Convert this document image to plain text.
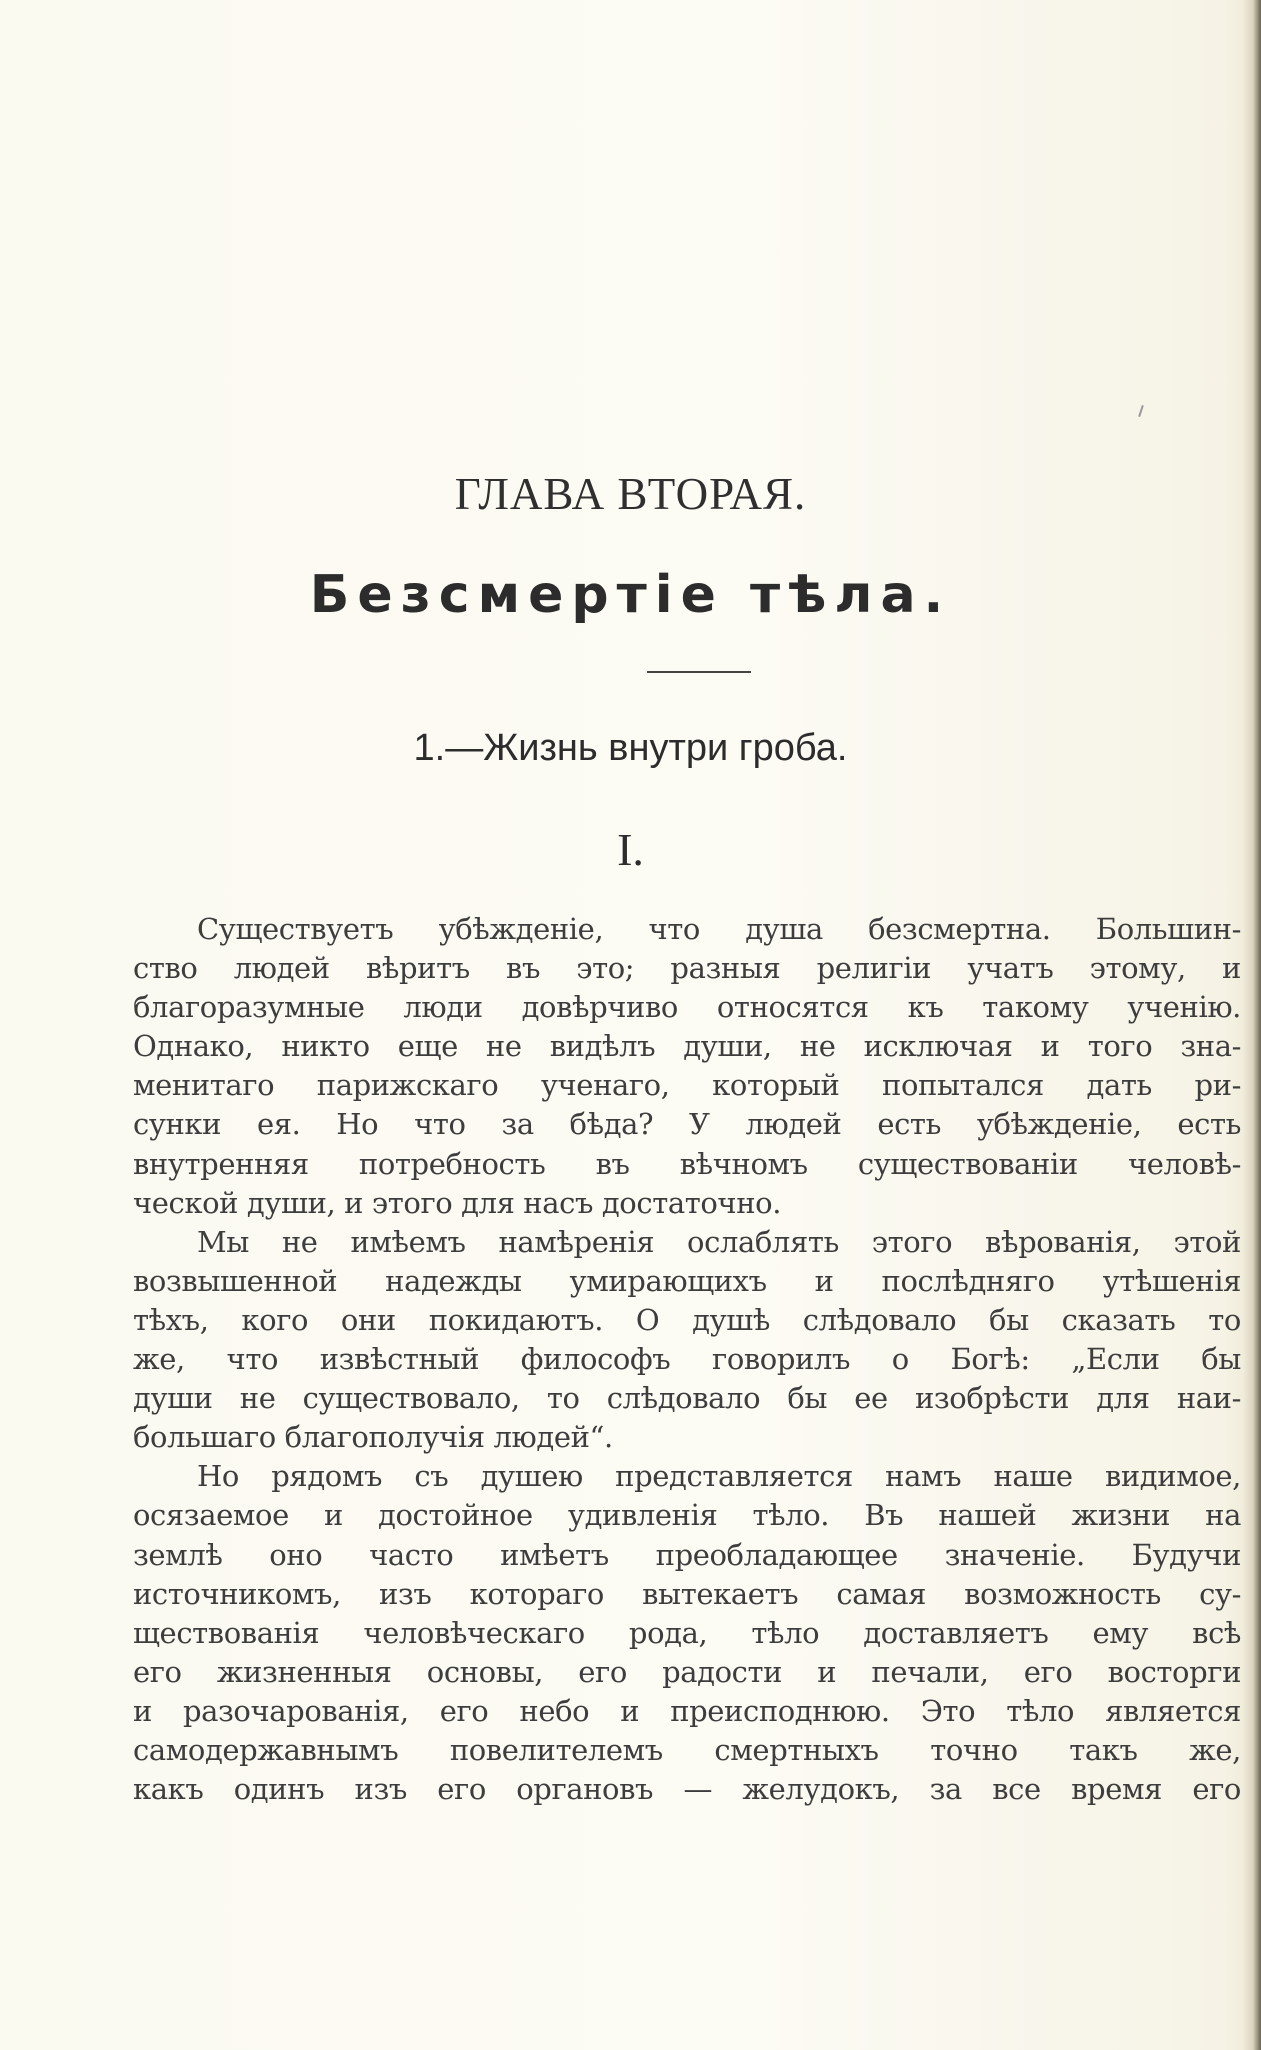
ГЛАВА ВТОРАЯ.
Безсмертіе тѣла.
1.—Жизнь внутри гроба.
I.
Существуетъ убѣжденіе, что душа безсмертна. Большин-
ство людей вѣритъ въ это; разныя религіи учатъ этому, и
благоразумные люди довѣрчиво относятся къ такому ученію.
Однако, никто еще не видѣлъ души, не исключая и того зна-
менитаго парижскаго ученаго, который попытался дать ри-
сунки ея. Но что за бѣда? У людей есть убѣжденіе, есть
внутренняя потребность въ вѣчномъ существованіи человѣ-
ческой души, и этого для насъ достаточно.
Мы не имѣемъ намѣренія ослаблять этого вѣрованія, этой
возвышенной надежды умирающихъ и послѣдняго утѣшенія
тѣхъ, кого они покидаютъ. О душѣ слѣдовало бы сказать то
же, что извѣстный философъ говорилъ о Богѣ: „Если бы
души не существовало, то слѣдовало бы ее изобрѣсти для наи-
большаго благополучія людей“.
Но рядомъ съ душею представляется намъ наше видимое,
осязаемое и достойное удивленія тѣло. Въ нашей жизни на
землѣ оно часто имѣетъ преобладающее значеніе. Будучи
источникомъ, изъ котораго вытекаетъ самая возможность су-
ществованія человѣческаго рода, тѣло доставляетъ ему всѣ
его жизненныя основы, его радости и печали, его восторги
и разочарованія, его небо и преисподнюю. Это тѣло является
самодержавнымъ повелителемъ смертныхъ точно такъ же,
какъ одинъ изъ его органовъ — желудокъ, за все время его
